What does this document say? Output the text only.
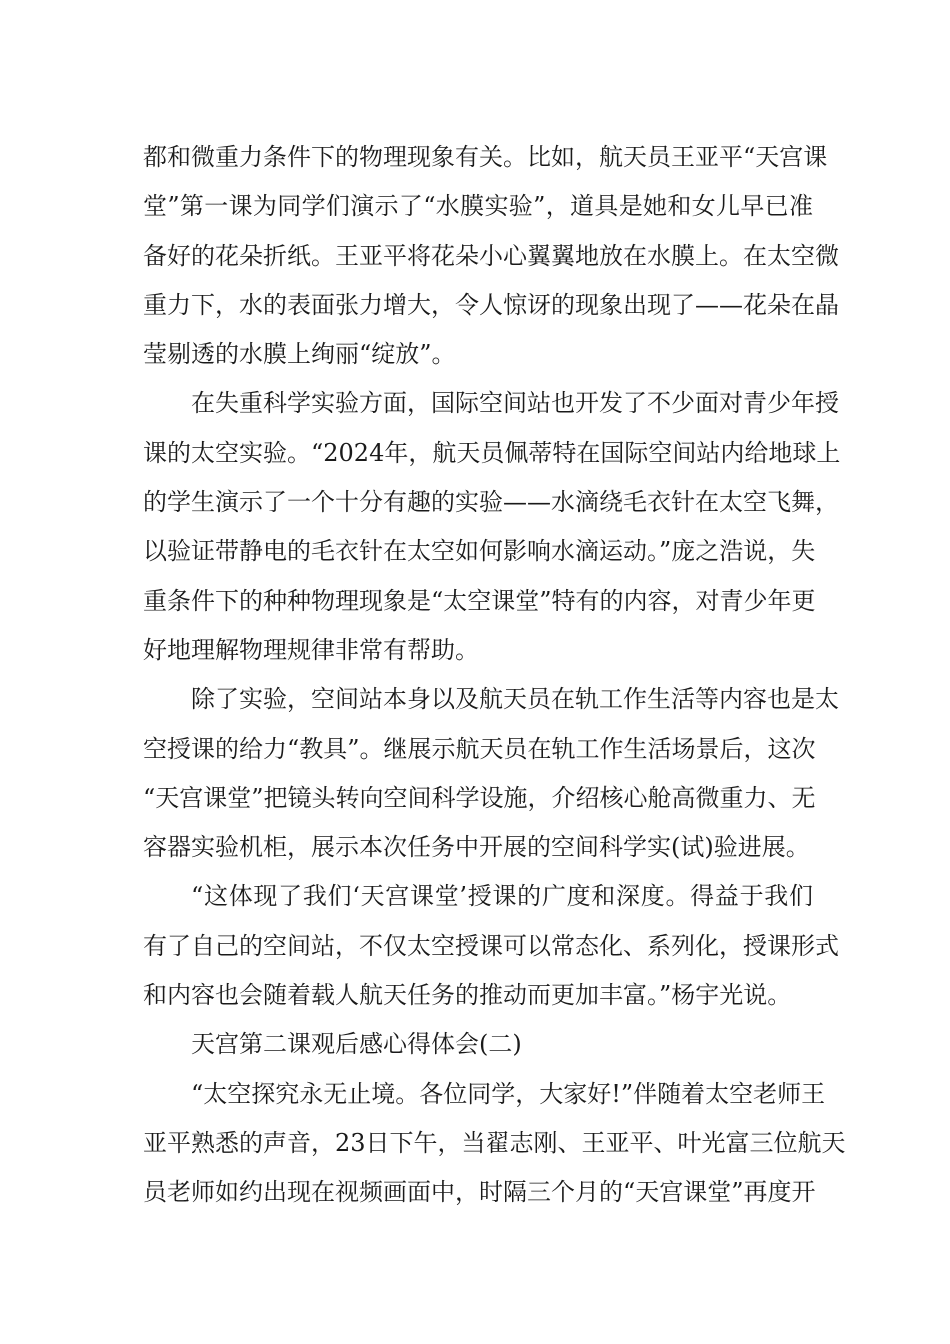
都和微重力条件下的物理现象有关。比如，航天员王亚平“天宫课
堂”第一课为同学们演示了“水膜实验”，道具是她和女儿早已准
备好的花朵折纸。王亚平将花朵小心翼翼地放在水膜上。在太空微
重力下，水的表面张力增大，令人惊讶的现象出现了——花朵在晶
莹剔透的水膜上绚丽“绽放”。
在失重科学实验方面，国际空间站也开发了不少面对青少年授
课的太空实验。“2024年，航天员佩蒂特在国际空间站内给地球上
的学生演示了一个十分有趣的实验——水滴绕毛衣针在太空飞舞，
以验证带静电的毛衣针在太空如何影响水滴运动。”庞之浩说，失
重条件下的种种物理现象是“太空课堂”特有的内容，对青少年更
好地理解物理规律非常有帮助。
除了实验，空间站本身以及航天员在轨工作生活等内容也是太
空授课的给力“教具”。继展示航天员在轨工作生活场景后，这次
“天宫课堂”把镜头转向空间科学设施，介绍核心舱高微重力、无
容器实验机柜，展示本次任务中开展的空间科学实(试)验进展。
“这体现了我们‘天宫课堂’授课的广度和深度。得益于我们
有了自己的空间站，不仅太空授课可以常态化、系列化，授课形式
和内容也会随着载人航天任务的推动而更加丰富。”杨宇光说。
天宫第二课观后感心得体会(二)
“太空探究永无止境。各位同学，大家好!”伴随着太空老师王
亚平熟悉的声音，23日下午，当翟志刚、王亚平、叶光富三位航天
员老师如约出现在视频画面中，时隔三个月的“天宫课堂”再度开
